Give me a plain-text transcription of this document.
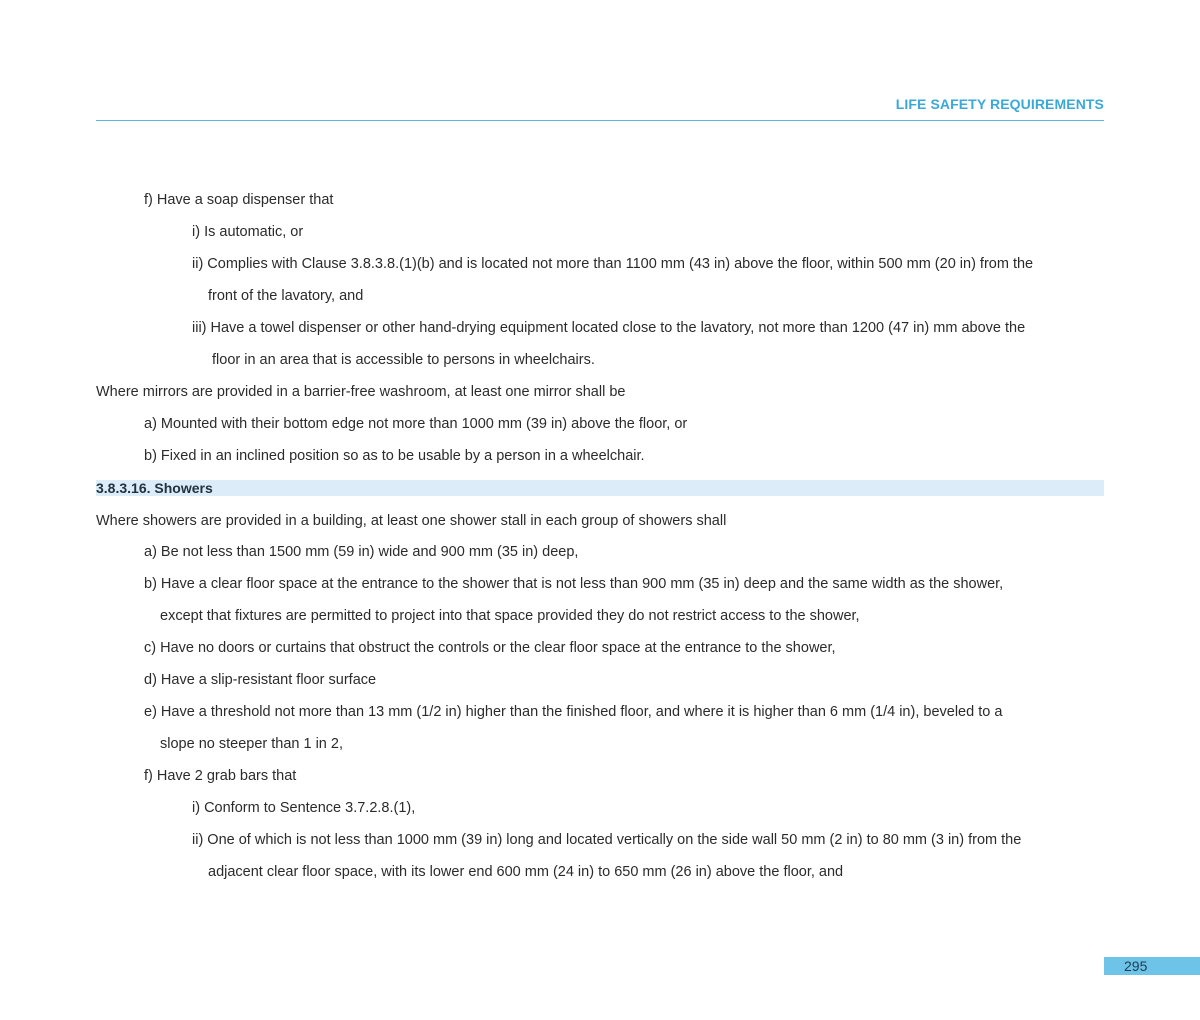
LIFE SAFETY REQUIREMENTS
f) Have a soap dispenser that
i) Is automatic, or
ii) Complies with Clause 3.8.3.8.(1)(b) and is located not more than 1100 mm (43 in) above the floor, within 500 mm (20 in) from the
front of the lavatory, and
iii) Have a towel dispenser or other hand-drying equipment located close to the lavatory, not more than 1200 (47 in) mm above the
floor in an area that is accessible to persons in wheelchairs.
Where mirrors are provided in a barrier-free washroom, at least one mirror shall be
a) Mounted with their bottom edge not more than 1000 mm (39 in) above the floor, or
b) Fixed in an inclined position so as to be usable by a person in a wheelchair.
3.8.3.16. Showers
Where showers are provided in a building, at least one shower stall in each group of showers shall
a) Be not less than 1500 mm (59 in) wide and 900 mm (35 in) deep,
b) Have a clear floor space at the entrance to the shower that is not less than 900 mm (35 in) deep and the same width as the shower,
except that fixtures are permitted to project into that space provided they do not restrict access to the shower,
c) Have no doors or curtains that obstruct the controls or the clear floor space at the entrance to the shower,
d) Have a slip-resistant floor surface
e) Have a threshold not more than 13 mm (1/2 in) higher than the finished floor, and where it is higher than 6 mm (1/4 in), beveled to a
slope no steeper than 1 in 2,
f) Have 2 grab bars that
i) Conform to Sentence 3.7.2.8.(1),
ii) One of which is not less than 1000 mm (39 in) long and located vertically on the side wall 50 mm (2 in) to 80 mm (3 in) from the
adjacent clear floor space, with its lower end 600 mm (24 in) to 650 mm (26 in) above the floor, and
295
